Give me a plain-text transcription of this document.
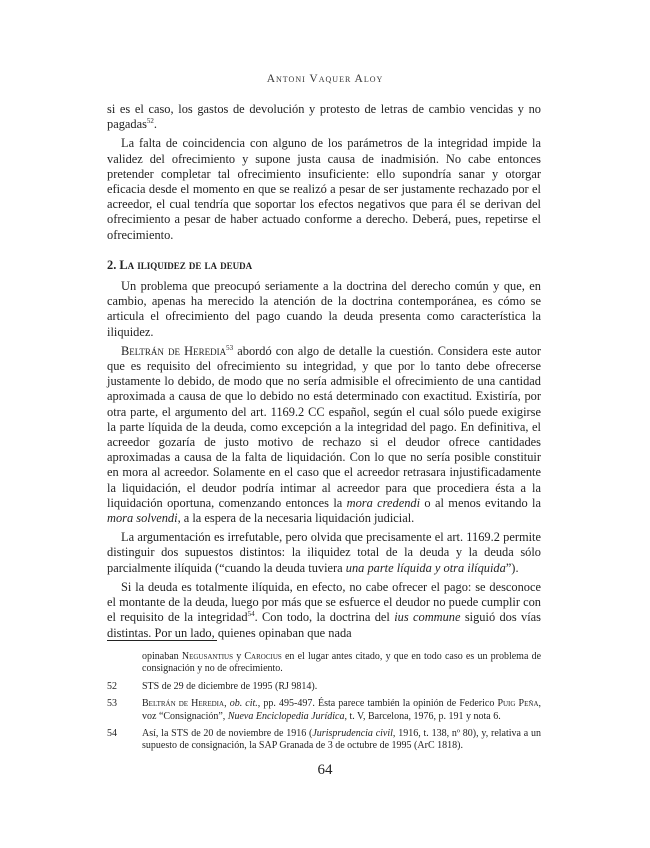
Antoni Vaquer Aloy

si es el caso, los gastos de devolución y protesto de letras de cambio vencidas y no pagadas$^{52}$.

La falta de coincidencia con alguno de los parámetros de la integridad impide la validez del ofrecimiento y supone justa causa de inadmisión. No cabe entonces pretender completar tal ofrecimiento insuficiente: ello supondría sanar y otorgar eficacia desde el momento en que se realizó a pesar de ser justamente rechazado por el acreedor, el cual tendría que soportar los efectos negativos que para él se derivan del ofrecimiento a pesar de haber actuado conforme a derecho. Deberá, pues, repetirse el ofrecimiento.

2. La iliquidez de la deuda

Un problema que preocupó seriamente a la doctrina del derecho común y que, en cambio, apenas ha merecido la atención de la doctrina contemporánea, es cómo se articula el ofrecimiento del pago cuando la deuda presenta como característica la iliquidez.

Beltrán de Heredia$^{53}$ abordó con algo de detalle la cuestión. Considera este autor que es requisito del ofrecimiento su integridad, y que por lo tanto debe ofrecerse justamente lo debido, de modo que no sería admisible el ofrecimiento de una cantidad aproximada a causa de que lo debido no está determinado con exactitud. Existiría, por otra parte, el argumento del art. 1169.2 CC español, según el cual sólo puede exigirse la parte líquida de la deuda, como excepción a la integridad del pago. En definitiva, el acreedor gozaría de justo motivo de rechazo si el deudor ofrece cantidades aproximadas a causa de la falta de liquidación. Con lo que no sería posible constituir en mora al acreedor. Solamente en el caso que el acreedor retrasara injustificadamente la liquidación, el deudor podría intimar al acreedor para que procediera ésta a la liquidación oportuna, comenzando entonces la mora credendi o al menos evitando la mora solvendi, a la espera de la necesaria liquidación judicial.

La argumentación es irrefutable, pero olvida que precisamente el art. 1169.2 permite distinguir dos supuestos distintos: la iliquidez total de la deuda y la deuda sólo parcialmente ilíquida (“cuando la deuda tuviera una parte líquida y otra ilíquida”).

Si la deuda es totalmente ilíquida, en efecto, no cabe ofrecer el pago: se desconoce el montante de la deuda, luego por más que se esfuerce el deudor no puede cumplir con el requisito de la integridad$^{54}$. Con todo, la doctrina del ius commune siguió dos vías distintas. Por un lado, quienes opinaban que nada

opinaban Negusantius y Carocius en el lugar antes citado, y que en todo caso es un problema de consignación y no de ofrecimiento.
52	STS de 29 de diciembre de 1995 (RJ 9814).
53	Beltrán de Heredia, ob. cit., pp. 495-497. Ésta parece también la opinión de Federico Puig Peña, voz “Consignación”, Nueva Enciclopedia Jurídica, t. V, Barcelona, 1976, p. 191 y nota 6.
54	Así, la STS de 20 de noviembre de 1916 (Jurisprudencia civil, 1916, t. 138, nº 80), y, relativa a un supuesto de consignación, la SAP Granada de 3 de octubre de 1995 (ArC 1818).
64
